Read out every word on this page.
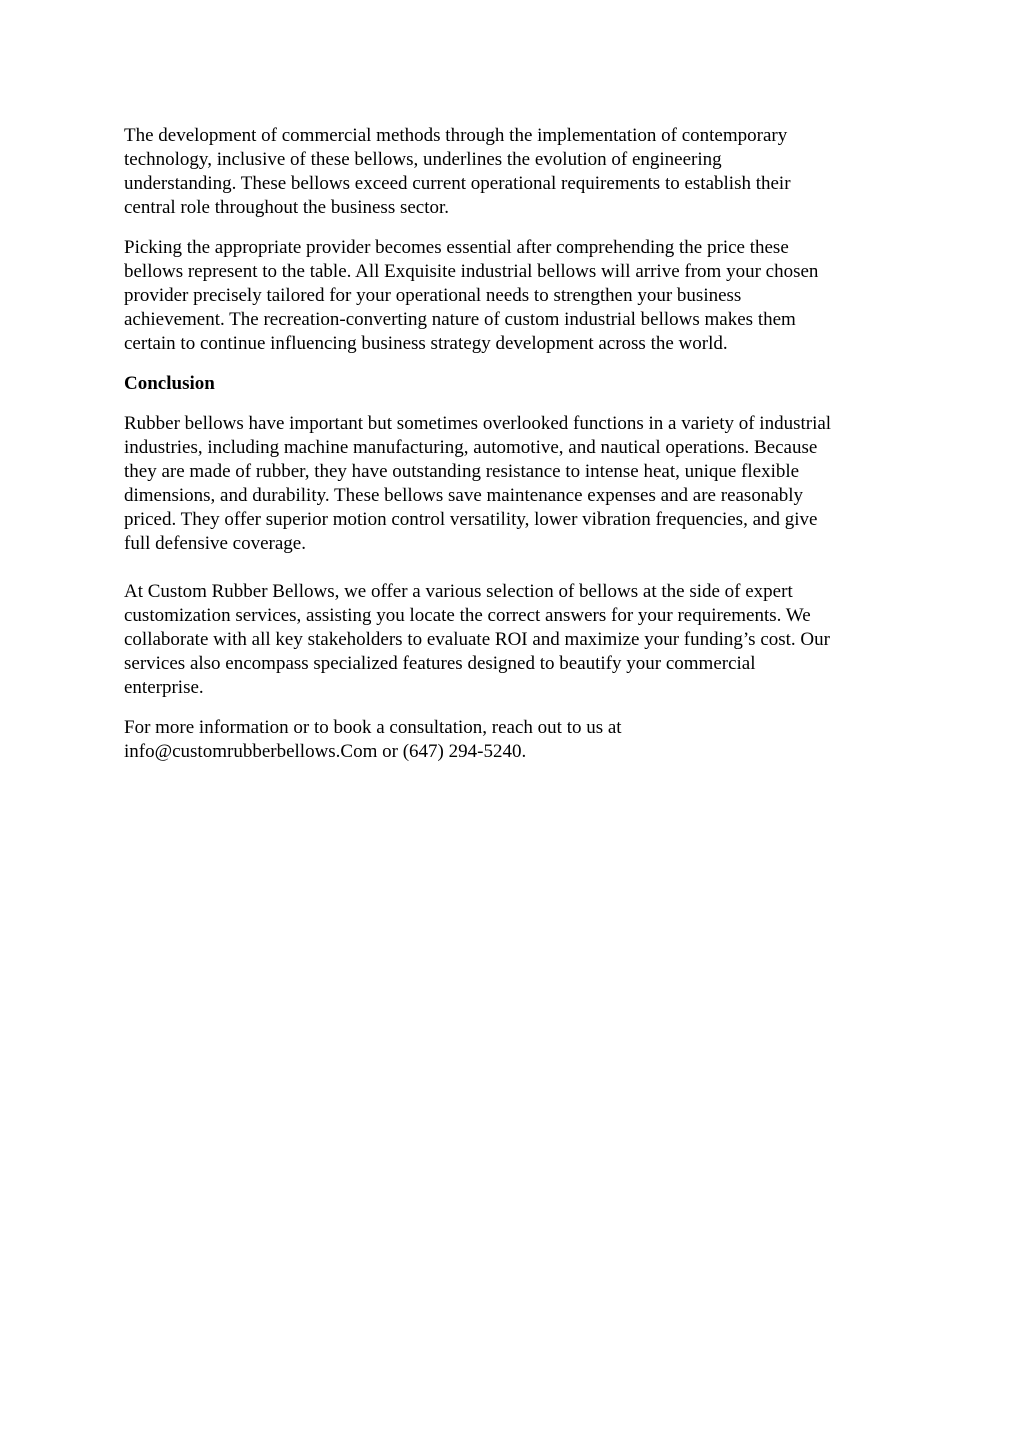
The development of commercial methods through the implementation of contemporary
technology, inclusive of these bellows, underlines the evolution of engineering
understanding. These bellows exceed current operational requirements to establish their
central role throughout the business sector.

Picking the appropriate provider becomes essential after comprehending the price these
bellows represent to the table. All Exquisite industrial bellows will arrive from your chosen
provider precisely tailored for your operational needs to strengthen your business
achievement. The recreation-converting nature of custom industrial bellows makes them
certain to continue influencing business strategy development across the world.

Conclusion

Rubber bellows have important but sometimes overlooked functions in a variety of industrial
industries, including machine manufacturing, automotive, and nautical operations. Because
they are made of rubber, they have outstanding resistance to intense heat, unique flexible
dimensions, and durability. These bellows save maintenance expenses and are reasonably
priced. They offer superior motion control versatility, lower vibration frequencies, and give
full defensive coverage.

At Custom Rubber Bellows, we offer a various selection of bellows at the side of expert
customization services, assisting you locate the correct answers for your requirements. We
collaborate with all key stakeholders to evaluate ROI and maximize your funding’s cost. Our
services also encompass specialized features designed to beautify your commercial
enterprise.

For more information or to book a consultation, reach out to us at
info@customrubberbellows.Com or (647) 294-5240.
